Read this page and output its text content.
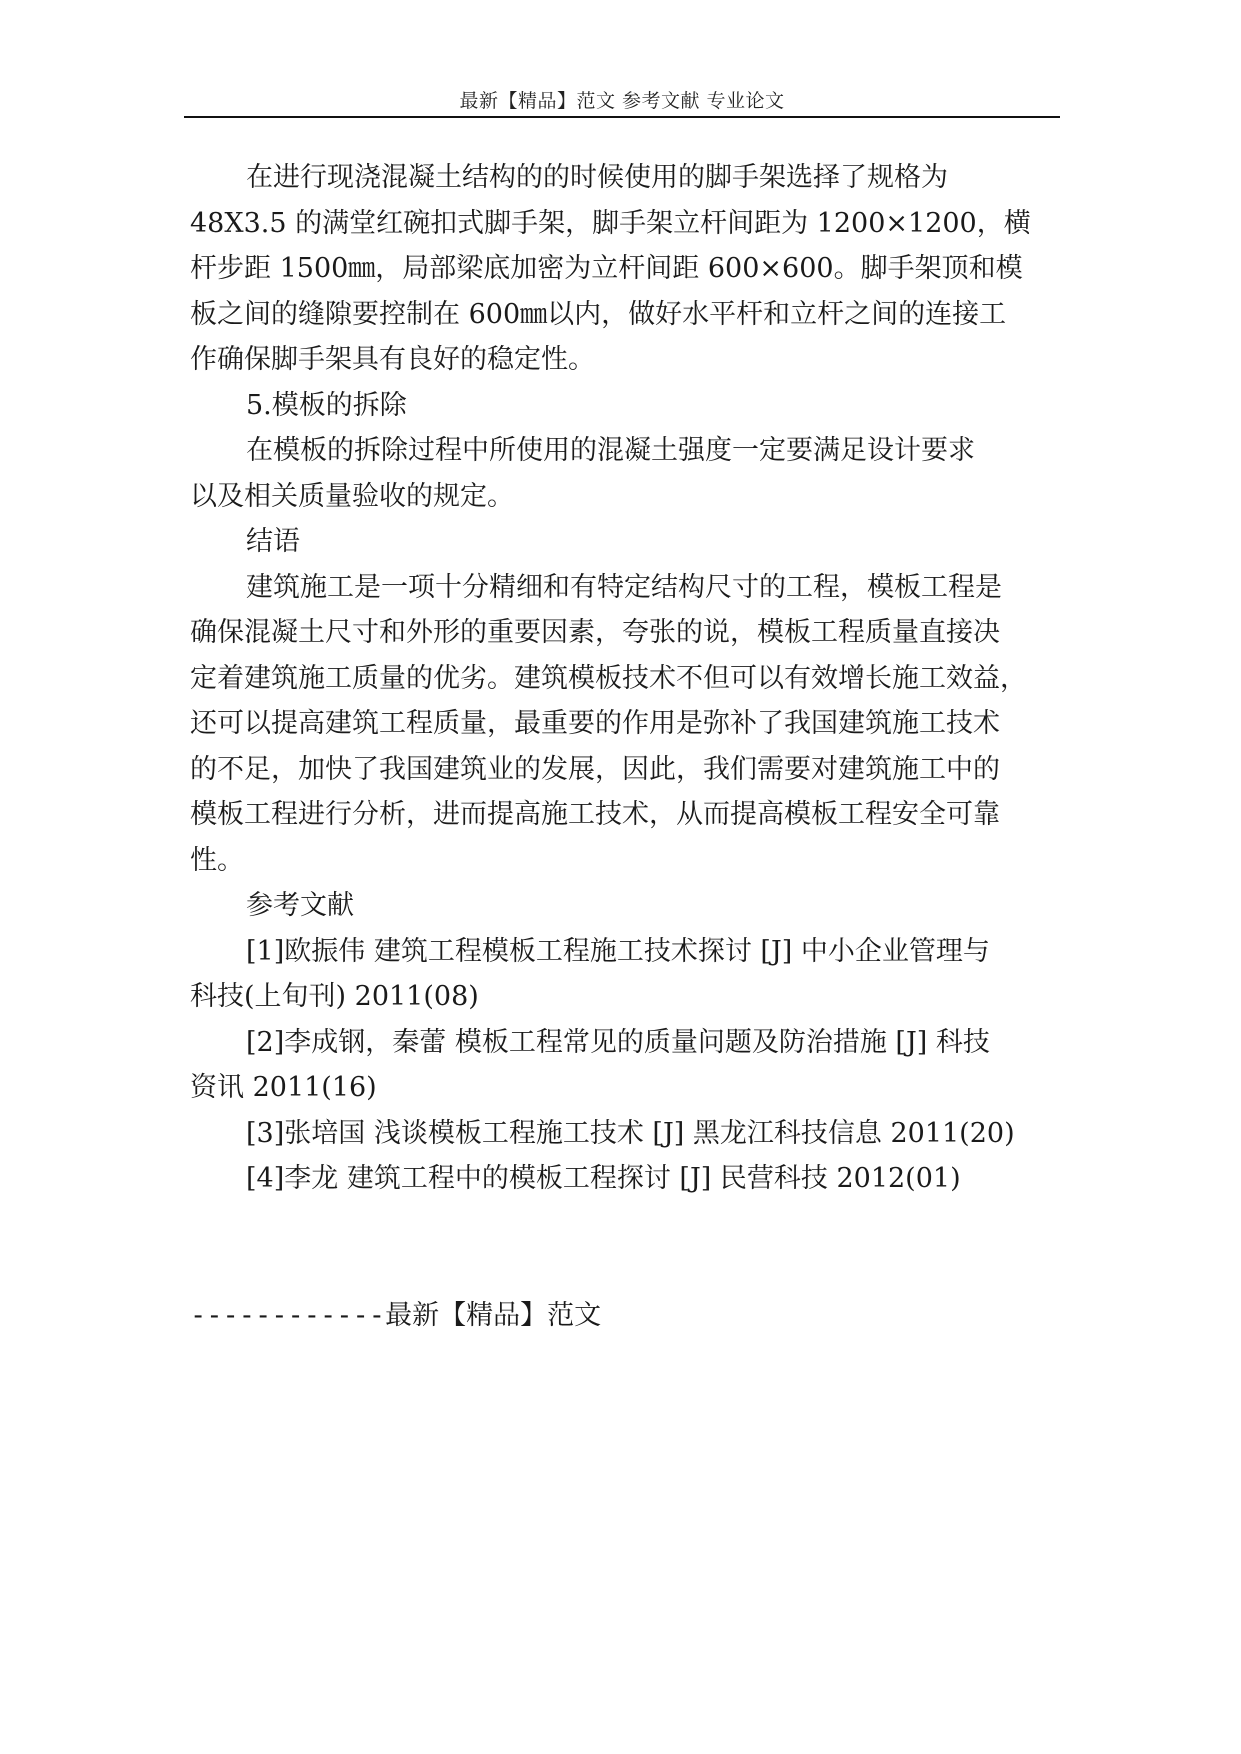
最新【精品】范文 参考文献 专业论文
在进行现浇混凝土结构的的时候使用的脚手架选择了规格为
48X3.5 的满堂红碗扣式脚手架，脚手架立杆间距为 1200×1200，横
杆步距 1500㎜，局部梁底加密为立杆间距 600×600。脚手架顶和模
板之间的缝隙要控制在 600㎜以内，做好水平杆和立杆之间的连接工
作确保脚手架具有良好的稳定性。
5.模板的拆除
在模板的拆除过程中所使用的混凝土强度一定要满足设计要求
以及相关质量验收的规定。
结语
建筑施工是一项十分精细和有特定结构尺寸的工程，模板工程是
确保混凝土尺寸和外形的重要因素，夸张的说，模板工程质量直接决
定着建筑施工质量的优劣。建筑模板技术不但可以有效增长施工效益，
还可以提高建筑工程质量，最重要的作用是弥补了我国建筑施工技术
的不足，加快了我国建筑业的发展，因此，我们需要对建筑施工中的
模板工程进行分析，进而提高施工技术，从而提高模板工程安全可靠
性。
参考文献
[1]欧振伟 建筑工程模板工程施工技术探讨 [J] 中小企业管理与
科技(上旬刊) 2011(08)
[2]李成钢，秦蕾 模板工程常见的质量问题及防治措施 [J] 科技
资讯 2011(16)
[3]张培国 浅谈模板工程施工技术 [J] 黑龙江科技信息 2011(20)
[4]李龙 建筑工程中的模板工程探讨 [J] 民营科技 2012(01)
------------最新【精品】范文
